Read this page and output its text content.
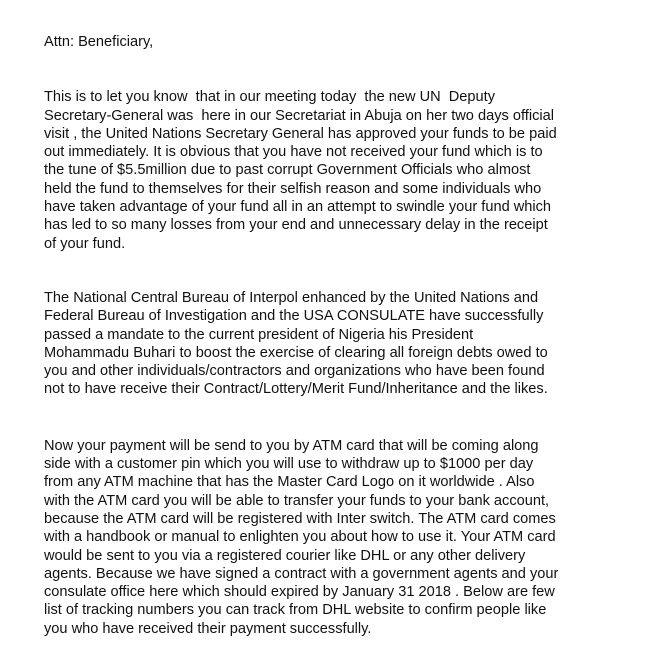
Attn: Beneficiary,

This is to let you know  that in our meeting today  the new UN  Deputy
Secretary-General was  here in our Secretariat in Abuja on her two days official
visit , the United Nations Secretary General has approved your funds to be paid
out immediately. It is obvious that you have not received your fund which is to
the tune of $5.5million due to past corrupt Government Officials who almost
held the fund to themselves for their selfish reason and some individuals who
have taken advantage of your fund all in an attempt to swindle your fund which
has led to so many losses from your end and unnecessary delay in the receipt
of your fund.

The National Central Bureau of Interpol enhanced by the United Nations and
Federal Bureau of Investigation and the USA CONSULATE have successfully
passed a mandate to the current president of Nigeria his President
Mohammadu Buhari to boost the exercise of clearing all foreign debts owed to
you and other individuals/contractors and organizations who have been found
not to have receive their Contract/Lottery/Merit Fund/Inheritance and the likes.

Now your payment will be send to you by ATM card that will be coming along
side with a customer pin which you will use to withdraw up to $1000 per day
from any ATM machine that has the Master Card Logo on it worldwide . Also
with the ATM card you will be able to transfer your funds to your bank account,
because the ATM card will be registered with Inter switch. The ATM card comes
with a handbook or manual to enlighten you about how to use it. Your ATM card
would be sent to you via a registered courier like DHL or any other delivery
agents. Because we have signed a contract with a government agents and your
consulate office here which should expired by January 31 2018 . Below are few
list of tracking numbers you can track from DHL website to confirm people like
you who have received their payment successfully.
